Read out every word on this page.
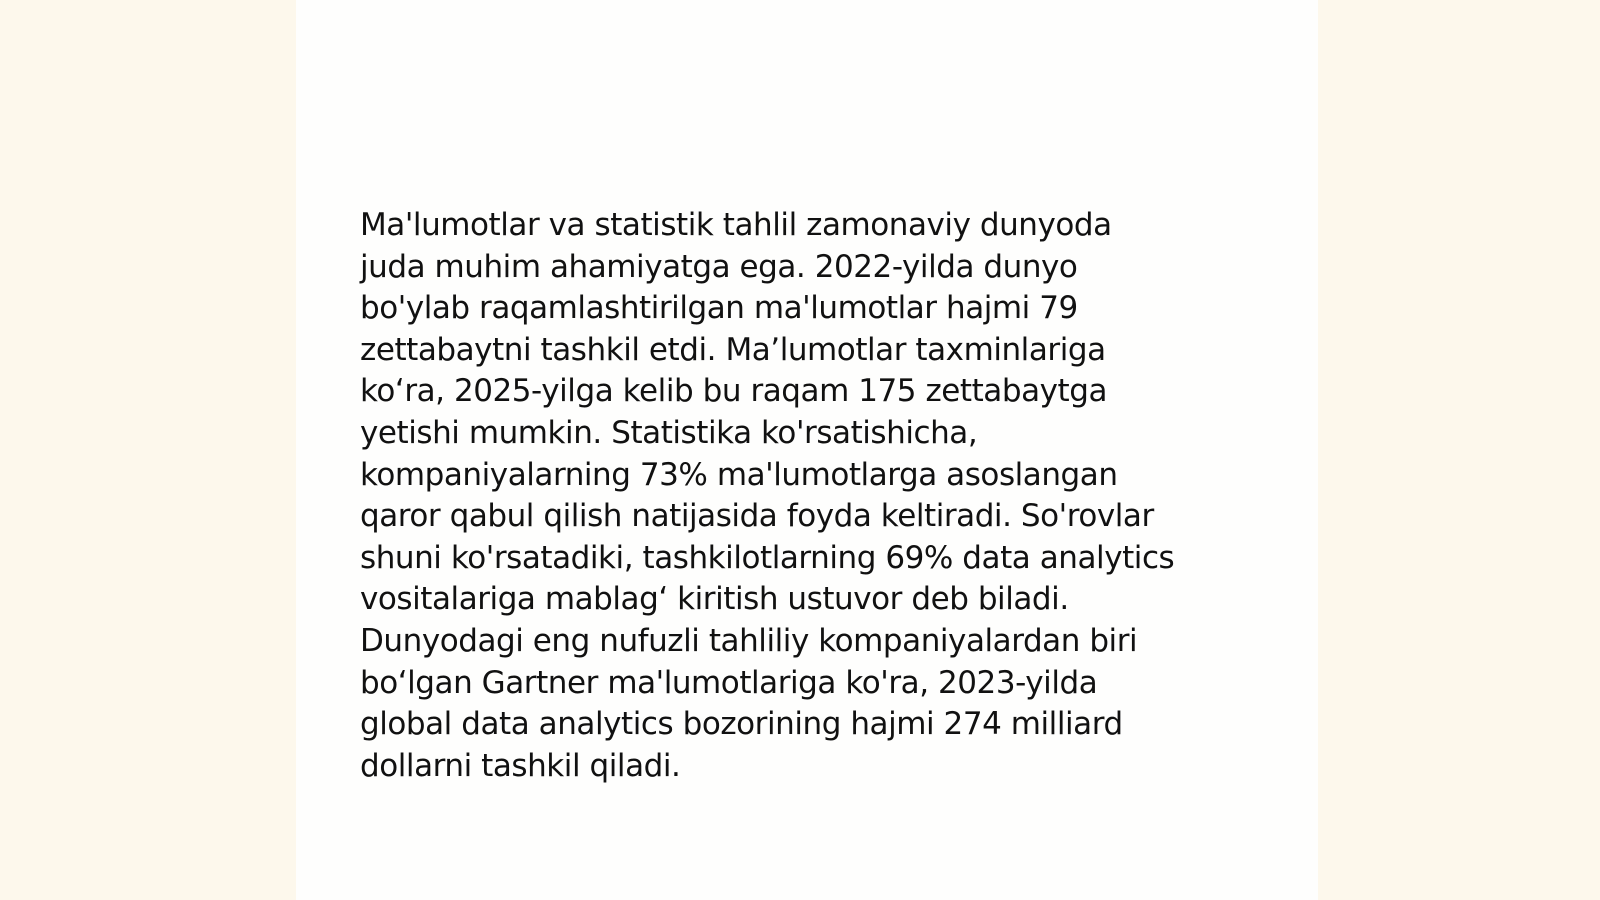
Ma'lumotlar va statistik tahlil zamonaviy dunyoda
juda muhim ahamiyatga ega. 2022-yilda dunyo
bo'ylab raqamlashtirilgan ma'lumotlar hajmi 79
zettabaytni tashkil etdi. Ma’lumotlar taxminlariga
ko‘ra, 2025-yilga kelib bu raqam 175 zettabaytga
yetishi mumkin. Statistika ko'rsatishicha,
kompaniyalarning 73% ma'lumotlarga asoslangan
qaror qabul qilish natijasida foyda keltiradi. So'rovlar
shuni ko'rsatadiki, tashkilotlarning 69% data analytics
vositalariga mablag‘ kiritish ustuvor deb biladi.
Dunyodagi eng nufuzli tahliliy kompaniyalardan biri
bo‘lgan Gartner ma'lumotlariga ko'ra, 2023-yilda
global data analytics bozorining hajmi 274 milliard
dollarni tashkil qiladi.
